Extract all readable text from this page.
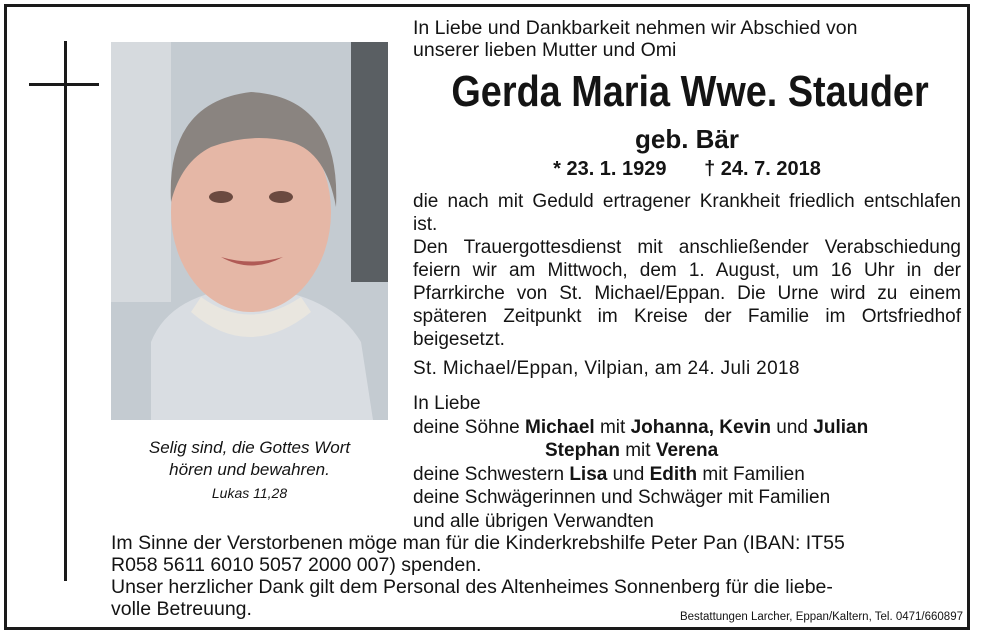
Selig sind, die Gottes Wort
hören und bewahren.
Lukas 11,28
In Liebe und Dankbarkeit nehmen wir Abschied von
unserer lieben Mutter und Omi
Gerda Maria Wwe. Stauder
geb. Bär
* 23. 1. 1929 † 24. 7. 2018

die nach mit Geduld ertragener Krankheit friedlich entschlafen ist.

Den Trauergottesdienst mit anschließender Verabschiedung feiern wir am Mittwoch, dem 1. August, um 16 Uhr in der Pfarrkirche von St. Michael/Eppan. Die Urne wird zu einem späteren Zeitpunkt im Kreise der Familie im Ortsfriedhof beigesetzt.

St. Michael/Eppan, Vilpian, am 24. Juli 2018
In Liebe
deine Söhne Michael mit Johanna, Kevin und Julian
Stephan mit Verena
deine Schwestern Lisa und Edith mit Familien
deine Schwägerinnen und Schwäger mit Familien
und alle übrigen Verwandten

Im Sinne der Verstorbenen möge man für die Kinderkrebshilfe Peter Pan (IBAN: IT55

R058 5611 6010 5057 2000 007) spenden.

Unser herzlicher Dank gilt dem Personal des Altenheimes Sonnenberg für die liebe-

volle Betreuung.	Bestattungen Larcher, Eppan/Kaltern, Tel. 0471/660897
